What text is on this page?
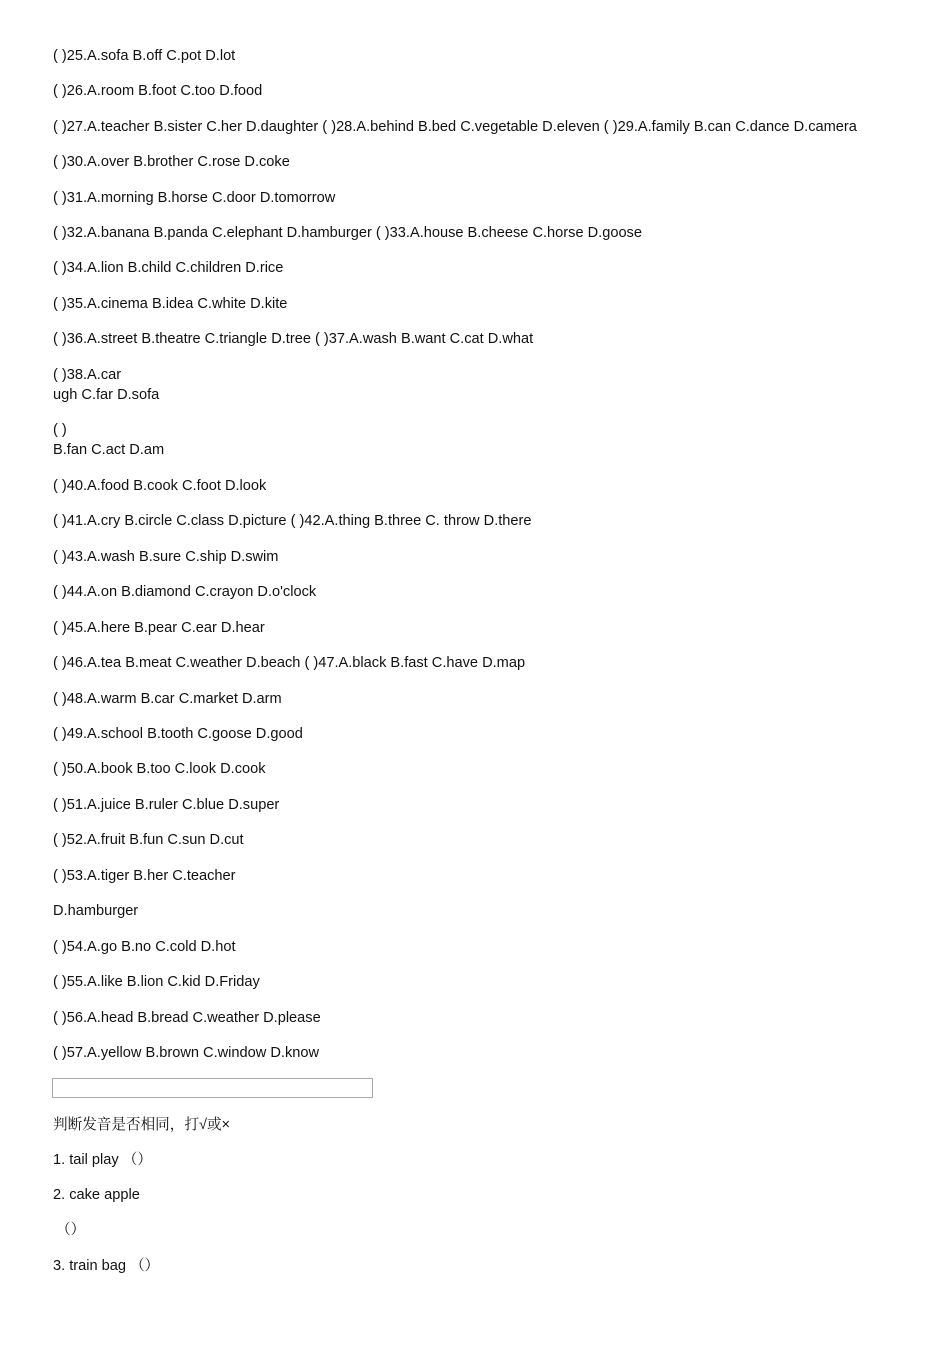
( )25.A.sofa B.off C.pot D.lot
( )26.A.room B.foot C.too D.food
( )27.A.teacher B.sister C.her D.daughter ( )28.A.behind B.bed C.vegetable D.eleven ( )29.A.family B.can C.dance D.camera
( )30.A.over B.brother C.rose D.coke
( )31.A.morning B.horse C.door D.tomorrow
( )32.A.banana B.panda C.elephant D.hamburger ( )33.A.house B.cheese C.horse D.goose
( )34.A.lion B.child C.children D.rice
( )35.A.cinema B.idea C.white D.kite
( )36.A.street B.theatre C.triangle D.tree ( )37.A.wash B.want C.cat D.what
( )38.A.car
ugh C.far D.sofa
( )
B.fan C.act D.am
( )40.A.food B.cook C.foot D.look
( )41.A.cry B.circle C.class D.picture ( )42.A.thing B.three C. throw D.there
( )43.A.wash B.sure C.ship D.swim
( )44.A.on B.diamond C.crayon D.o'clock
( )45.A.here B.pear C.ear D.hear
( )46.A.tea B.meat C.weather D.beach ( )47.A.black B.fast C.have D.map
( )48.A.warm B.car C.market D.arm
( )49.A.school B.tooth C.goose D.good
( )50.A.book B.too C.look D.cook
( )51.A.juice B.ruler C.blue D.super
( )52.A.fruit B.fun C.sun D.cut
( )53.A.tiger B.her C.teacher
D.hamburger
( )54.A.go B.no C.cold D.hot
( )55.A.like B.lion C.kid D.Friday
( )56.A.head B.bread C.weather D.please
( )57.A.yellow B.brown C.window D.know
判断发音是否相同，打√或×
1. tail play （）
2. cake apple
（）
3. train bag （）
